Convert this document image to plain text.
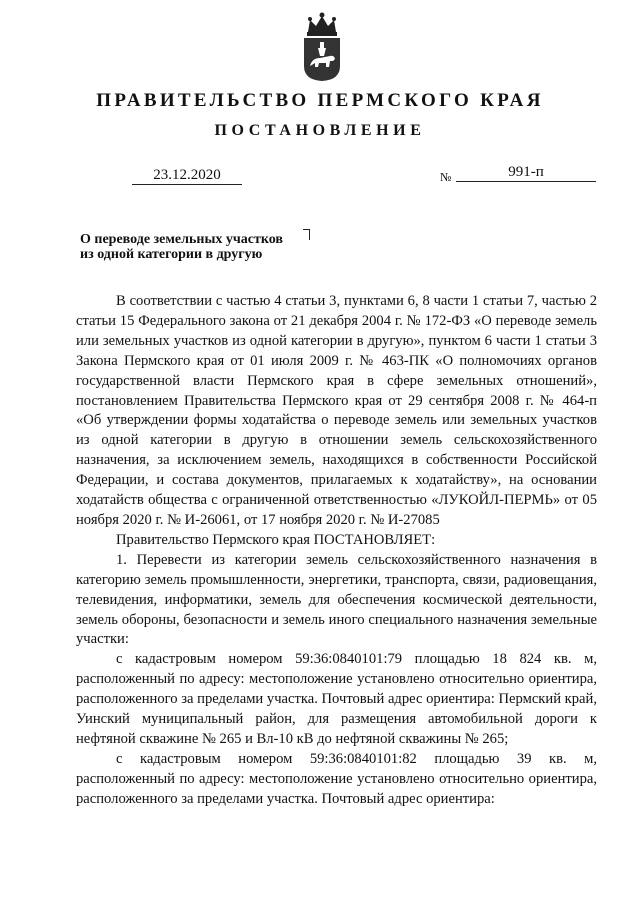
ПРАВИТЕЛЬСТВО ПЕРМСКОГО КРАЯ
ПОСТАНОВЛЕНИЕ
23.12.2020	№	991-п
О переводе земельных участков
из одной категории в другую

В соответствии с частью 4 статьи 3, пунктами 6, 8 части 1 статьи 7, частью 2 статьи 15 Федерального закона от 21 декабря 2004 г. № 172-ФЗ «О переводе земель или земельных участков из одной категории в другую», пунктом 6 части 1 статьи 3 Закона Пермского края от 01 июля 2009 г. № 463-ПК «О полномочиях органов государственной власти Пермского края в сфере земельных отношений», постановлением Правительства Пермского края от 29 сентября 2008 г. № 464-п «Об утверждении формы ходатайства о переводе земель или земельных участков из одной категории в другую в отношении земель сельскохозяйственного назначения, за исключением земель, находящихся в собственности Российской Федерации, и состава документов, прилагаемых к ходатайству», на основании ходатайств общества с ограниченной ответственностью «ЛУКОЙЛ-ПЕРМЬ» от 05 ноября 2020 г. № И-26061, от 17 ноября 2020 г. № И-27085

Правительство Пермского края ПОСТАНОВЛЯЕТ:

1. Перевести из категории земель сельскохозяйственного назначения в категорию земель промышленности, энергетики, транспорта, связи, радиовещания, телевидения, информатики, земель для обеспечения космической деятельности, земель обороны, безопасности и земель иного специального назначения земельные участки:

с кадастровым номером 59:36:0840101:79 площадью 18 824 кв. м, расположенный по адресу: местоположение установлено относительно ориентира, расположенного за пределами участка. Почтовый адрес ориентира: Пермский край, Уинский муниципальный район, для размещения автомобильной дороги к нефтяной скважине № 265 и Вл-10 кВ до нефтяной скважины № 265;

с кадастровым номером 59:36:0840101:82 площадью 39 кв. м, расположенный по адресу: местоположение установлено относительно ориентира, расположенного за пределами участка. Почтовый адрес ориентира:
